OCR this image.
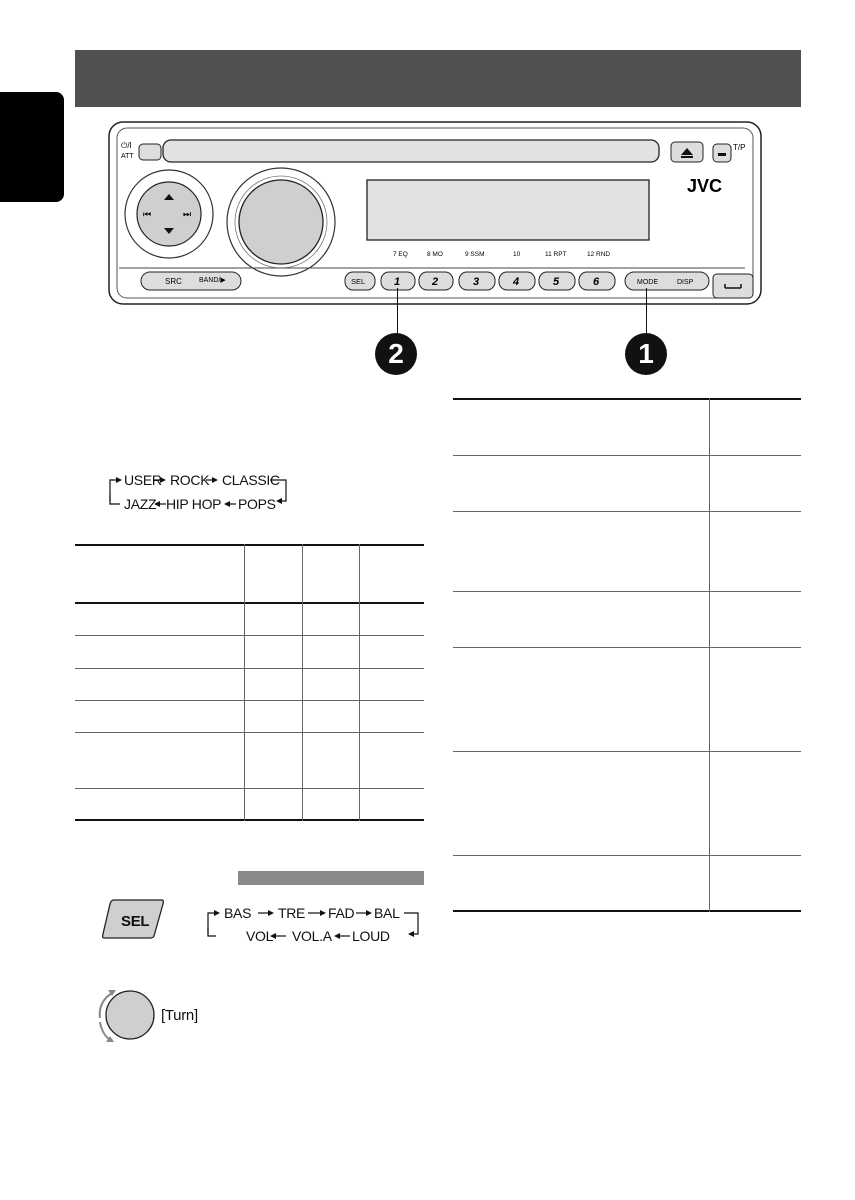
⏻/I
ATT
T/P
⏮	⏭
JVC
7 EQ	8 MO	9 SSM	10	11 RPT	12 RND
SRC BAND/▶	SEL	1	2	3	4	5	6	MODE	DISP
2	1
USER ROCK CLASSIC
JAZZ HIP HOP POPS
SEL	BAS TRE FAD BAL
VOL VOL.A LOUD
[Turn]
